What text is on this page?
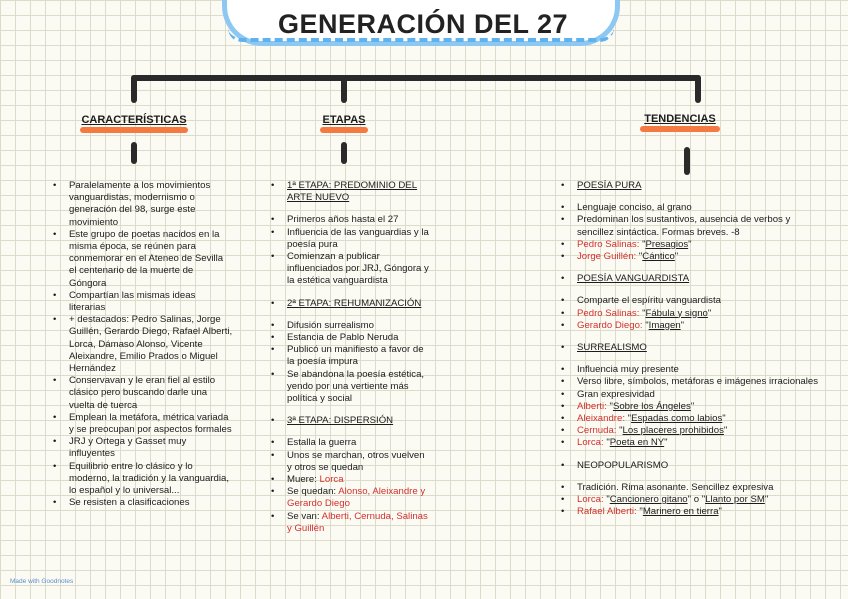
GENERACIÓN DEL 27
CARACTERÍSTICAS	ETAPAS	TENDENCIAS
• Paralelamente a los movimientos vanguardistas, modernismo o generación del 98, surge este movimiento
• Este grupo de poetas nacidos en la misma época, se reúnen para conmemorar en el Ateneo de Sevilla el centenario de la muerte de Góngora
• Compartían las mismas ideas literarias
• + destacados: Pedro Salinas, Jorge Guillén, Gerardo Diego, Rafael Alberti, Lorca, Dámaso Alonso, Vicente Aleixandre, Emilio Prados o Miguel Hernández
• Conservavan y le eran fiel al estilo clásico pero buscando darle una vuelta de tuerca
• Emplean la metáfora, métrica variada y se preocupan por aspectos formales
• JRJ y Ortega y Gasset muy influyentes
• Equilibrio entre lo clásico y lo moderno, la tradición y la vanguardia, lo español y lo universal...
• Se resisten a clasificaciones
• 1ª ETAPA: PREDOMINIO DEL ARTE NUEVO
• Primeros años hasta el 27
• Influencia de las vanguardias y la poesía pura
• Comienzan a publicar influenciados por JRJ, Góngora y la estética vanguardista
• 2ª ETAPA: REHUMANIZACIÓN
• Difusión surrealismo
• Estancia de Pablo Neruda
• Publicó un manifiesto a favor de la poesía impura
• Se abandona la poesía estética, yendo por una vertiente más política y social
• 3ª ETAPA: DISPERSIÓN
• Estalla la guerra
• Unos se marchan, otros vuelven y otros se quedan
• Muere: Lorca
• Se quedan: Alonso, Aleixandre y Gerardo Diego
• Se van: Alberti, Cernuda, Salinas y Guillén
• POESÍA PURA
• Lenguaje conciso, al grano
• Predominan los sustantivos, ausencia de verbos y sencillez sintáctica. Formas breves. -8
• Pedro Salinas: "Presagios"
• Jorge Guillén: "Cántico"
• POESÍA VANGUARDISTA
• Comparte el espíritu vanguardista
• Pedro Salinas: "Fábula y signo"
• Gerardo Diego: "Imagen"
• SURREALISMO
• Influencia muy presente
• Verso libre, símbolos, metáforas e imágenes irracionales
• Gran expresividad
• Alberti: "Sobre los Ángeles"
• Aleixandre: "Espadas como labios"
• Cernuda: "Los placeres prohibidos"
• Lorca: "Poeta en NY"
• NEOPOPULARISMO
• Tradición. Rima asonante. Sencillez expresiva
• Lorca: "Cancionero gitano" o "Llanto por SM"
• Rafael Alberti: "Marinero en tierra"
Made with Goodnotes
